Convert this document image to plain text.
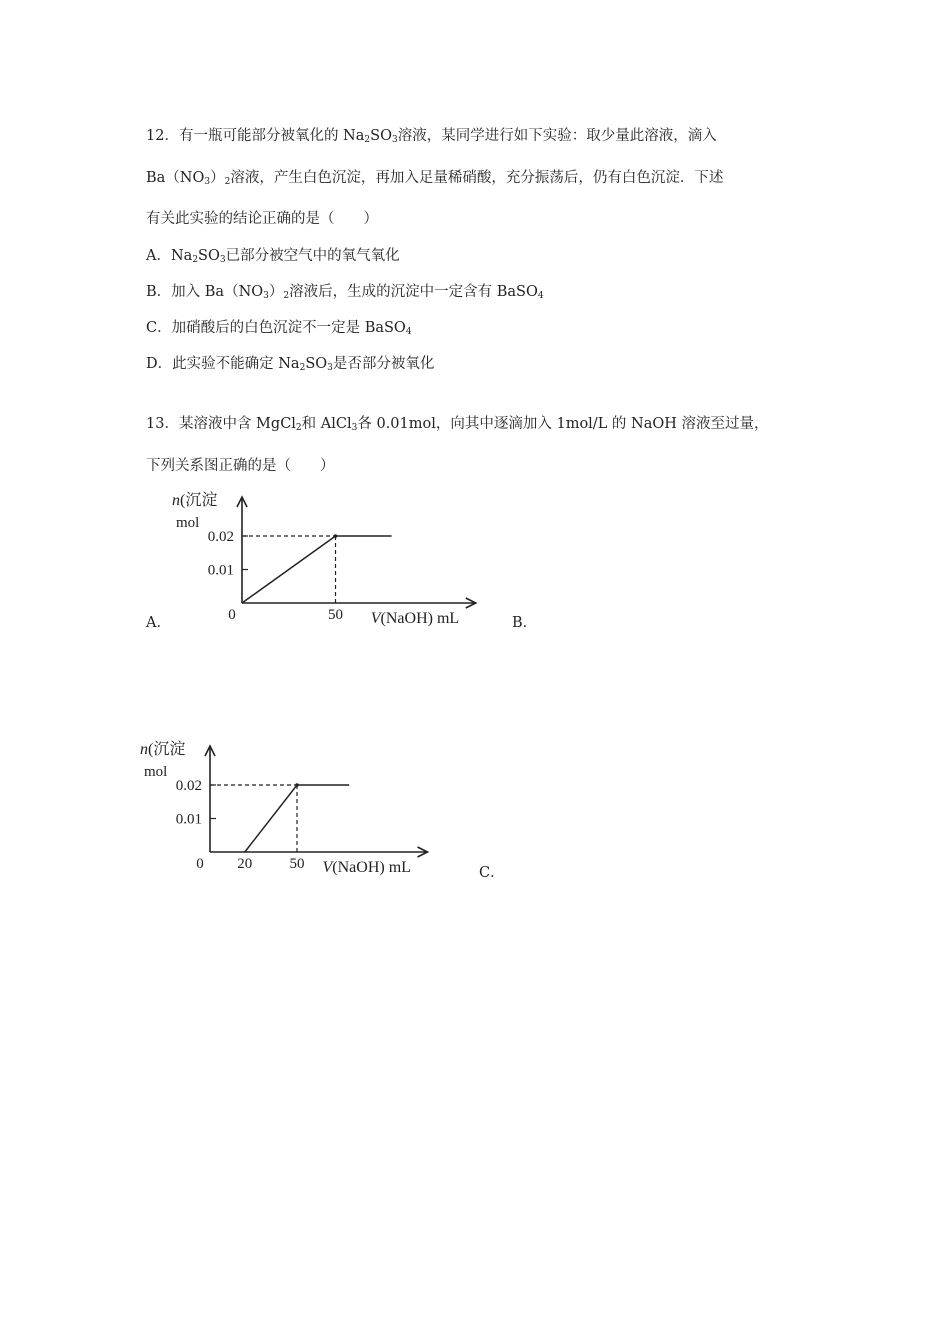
12．有一瓶可能部分被氧化的 $Na_2SO_3$溶液，某同学进行如下实验：取少量此溶液，滴入
$Ba(NO_3)_2$溶液，产生白色沉淀，再加入足量稀硝酸，充分振荡后，仍有白色沉淀．下述
有关此实验的结论正确的是（　　）
A．$Na_2SO_3$已部分被空气中的氧气氧化
B．加入 $Ba(NO_3)_2$溶液后，生成的沉淀中一定含有 BaSO$_4$
C．加硝酸后的白色沉淀不一定是 BaSO$_4$
D．此实验不能确定 $Na_2SO_3$是否部分被氧化
13．某溶液中含 MgCl$_2$和 AlCl$_3$各 0.01mol，向其中逐滴加入 1mol/L 的 NaOH 溶液至过量，
下列关系图正确的是（　　）
A．	B．
C．
n(沉淀
mol
0.02
0.01
0	50 V(NaOH) mL
n(沉淀
mol
0.02
0.01
0 20 50 V(NaOH) mL
